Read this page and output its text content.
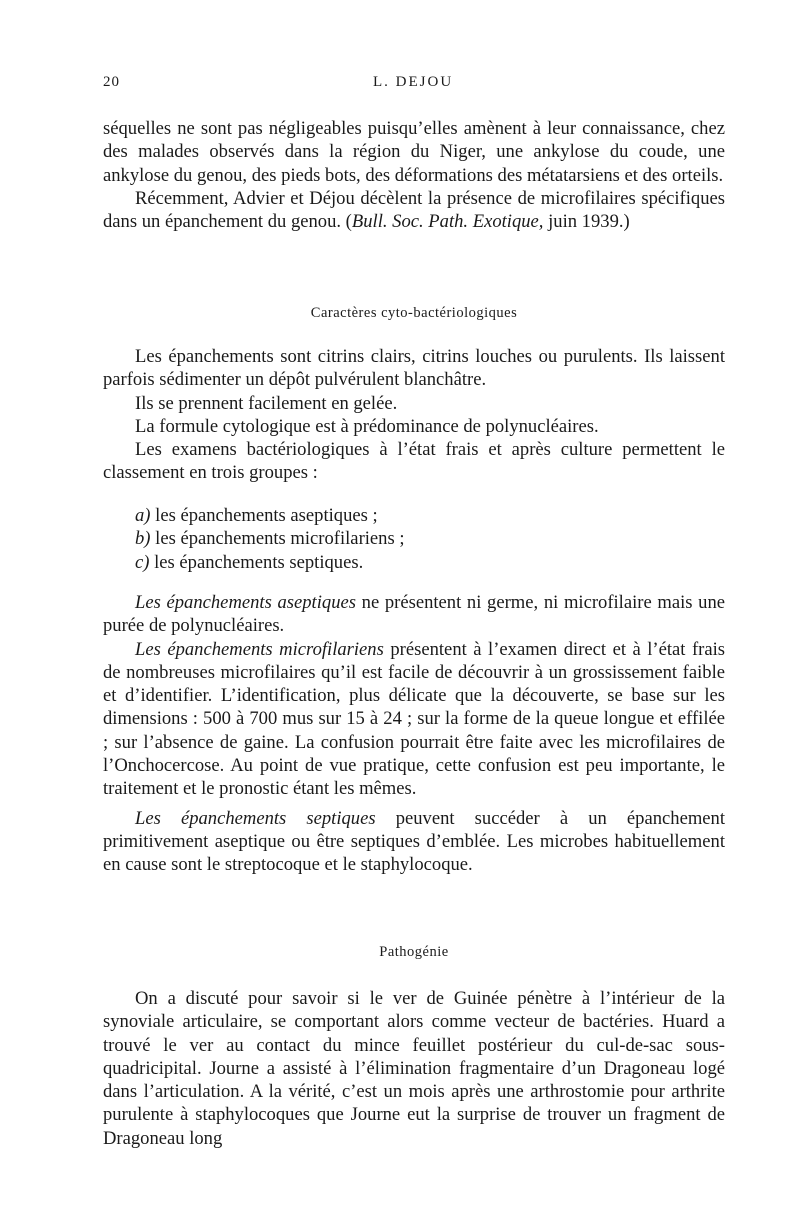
20	L. DEJOU

séquelles ne sont pas négligeables puisqu’elles amènent à leur connaissance, chez des malades observés dans la région du Niger, une ankylose du coude, une ankylose du genou, des pieds bots, des déformations des métatarsiens et des orteils.

Récemment, Advier et Déjou décèlent la présence de microfilaires spécifiques dans un épanchement du genou. (Bull. Soc. Path. Exotique, juin 1939.)

Caractères cyto-bactériologiques

Les épanchements sont citrins clairs, citrins louches ou purulents. Ils laissent parfois sédimenter un dépôt pulvérulent blanchâtre.

Ils se prennent facilement en gelée.

La formule cytologique est à prédominance de polynucléaires.

Les examens bactériologiques à l’état frais et après culture permettent le classement en trois groupes :

a) les épanchements aseptiques ;
b) les épanchements microfilariens ;
c) les épanchements septiques.

Les épanchements aseptiques ne présentent ni germe, ni microfilaire mais une purée de polynucléaires.

Les épanchements microfilariens présentent à l’examen direct et à l’état frais de nombreuses microfilaires qu’il est facile de découvrir à un grossissement faible et d’identifier. L’identification, plus délicate que la découverte, se base sur les dimensions : 500 à 700 mus sur 15 à 24 ; sur la forme de la queue longue et effilée ; sur l’absence de gaine. La confusion pourrait être faite avec les microfilaires de l’Onchocercose. Au point de vue pratique, cette confusion est peu importante, le traitement et le pronostic étant les mêmes.

Les épanchements septiques peuvent succéder à un épanchement primitivement aseptique ou être septiques d’emblée. Les microbes habituellement en cause sont le streptocoque et le staphylocoque.

Pathogénie

On a discuté pour savoir si le ver de Guinée pénètre à l’intérieur de la synoviale articulaire, se comportant alors comme vecteur de bactéries. Huard a trouvé le ver au contact du mince feuillet postérieur du cul-de-sac sous-quadricipital. Journe a assisté à l’élimination fragmentaire d’un Dragoneau logé dans l’articulation. A la vérité, c’est un mois après une arthrostomie pour arthrite purulente à staphylocoques que Journe eut la surprise de trouver un fragment de Dragoneau long
